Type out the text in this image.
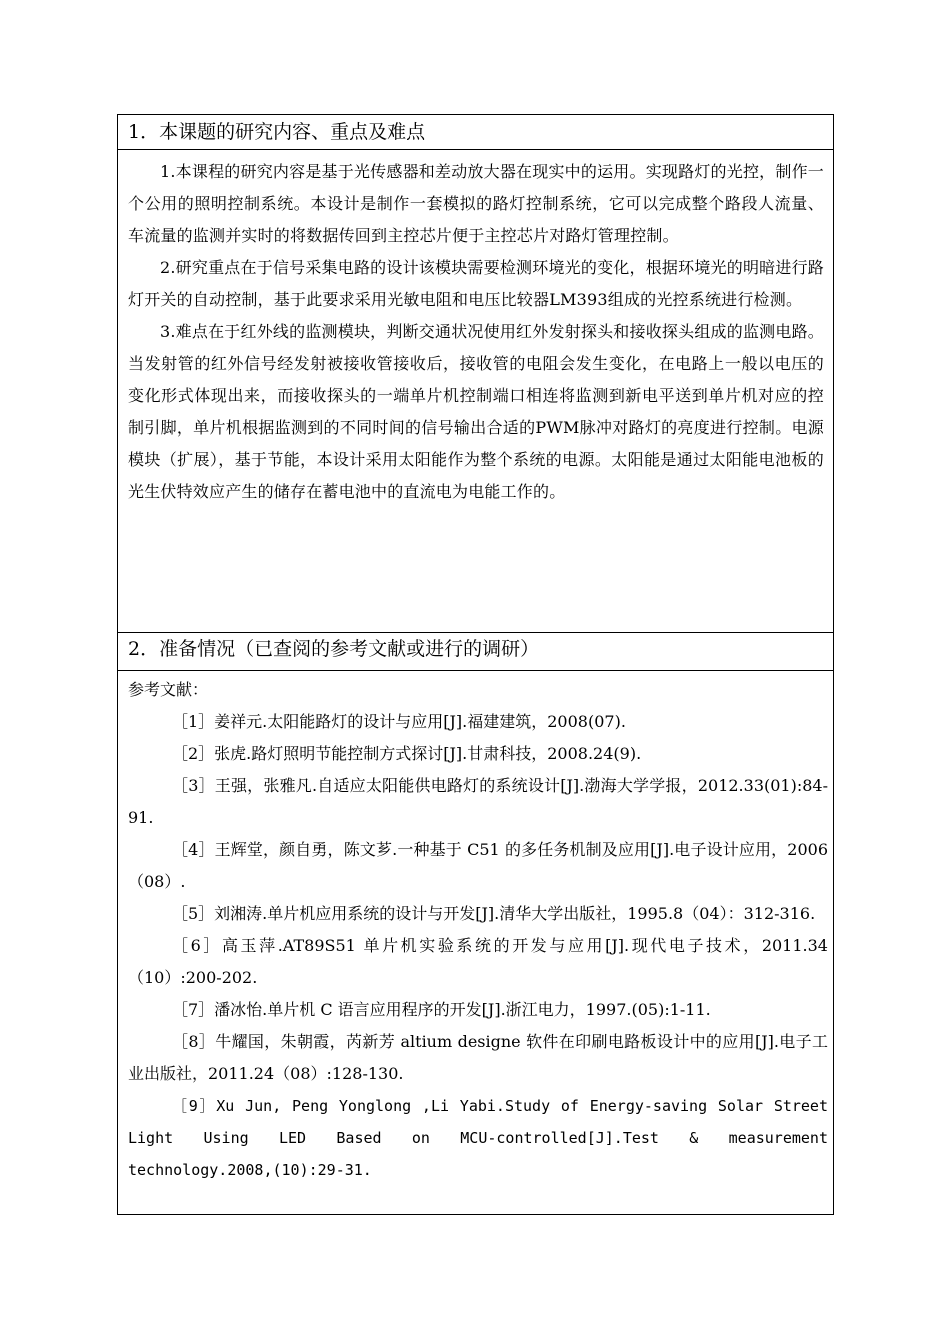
1．本课题的研究内容、重点及难点

1.本课程的研究内容是基于光传感器和差动放大器在现实中的运用。实现路灯的光控，制作一个公用的照明控制系统。本设计是制作一套模拟的路灯控制系统，它可以完成整个路段人流量、车流量的监测并实时的将数据传回到主控芯片便于主控芯片对路灯管理控制。

2.研究重点在于信号采集电路的设计该模块需要检测环境光的变化，根据环境光的明暗进行路灯开关的自动控制，基于此要求采用光敏电阻和电压比较器LM393组成的光控系统进行检测。

3.难点在于红外线的监测模块，判断交通状况使用红外发射探头和接收探头组成的监测电路。当发射管的红外信号经发射被接收管接收后，接收管的电阻会发生变化，在电路上一般以电压的变化形式体现出来，而接收探头的一端单片机控制端口相连将监测到新电平送到单片机对应的控制引脚，单片机根据监测到的不同时间的信号输出合适的PWM脉冲对路灯的亮度进行控制。电源模块（扩展），基于节能，本设计采用太阳能作为整个系统的电源。太阳能是通过太阳能电池板的光生伏特效应产生的储存在蓄电池中的直流电为电能工作的。

2．准备情况（已查阅的参考文献或进行的调研）

参考文献：

［1］姜祥元.太阳能路灯的设计与应用[J].福建建筑，2008(07).

［2］张虎.路灯照明节能控制方式探讨[J].甘肃科技，2008.24(9).

［3］王强，张雅凡.自适应太阳能供电路灯的系统设计[J].渤海大学学报，2012.33(01):84-91.

［4］王辉堂，颜自勇，陈文芗.一种基于 C51 的多任务机制及应用[J].电子设计应用，2006（08）.

［5］刘湘涛.单片机应用系统的设计与开发[J].清华大学出版社，1995.8（04）：312-316.

［6］高玉萍.AT89S51 单片机实验系统的开发与应用[J].现代电子技术，2011.34（10）:200-202.

［7］潘冰怡.单片机 C 语言应用程序的开发[J].浙江电力，1997.(05):1-11.

［8］牛耀国，朱朝霞，芮新芳 altium designe 软件在印刷电路板设计中的应用[J].电子工业出版社，2011.24（08）:128-130.

［9］Xu Jun, Peng Yonglong ,Li Yabi.Study of Energy-saving Solar Street Light Using LED Based on MCU-controlled[J].Test & measurement technology.2008,(10):29-31.
